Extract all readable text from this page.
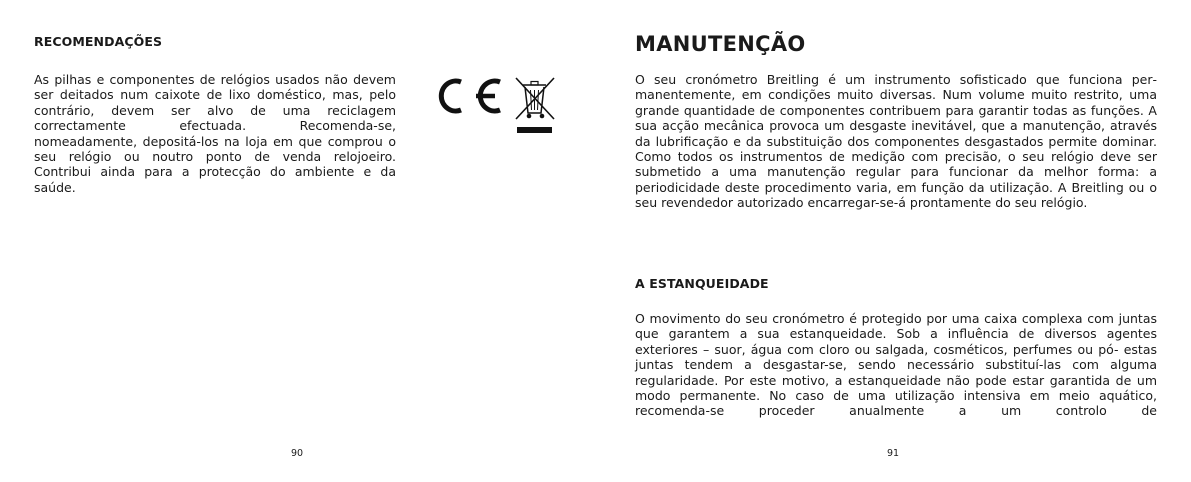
RECOMENDAÇÕES

As pilhas e componentes de relógios usados não devem ser deitados num caixote de lixo doméstico, mas, pelo contrário, devem ser alvo de uma reciclagem correctamente efectuada. Recomenda-se, nomeadamente, depositá-los na loja em que comprou o seu relógio ou noutro ponto de venda relojoeiro. Contribui ainda para a protecção do ambiente e da saúde.

90

MANUTENÇÃO

O seu cronómetro Breitling é um instrumento sofisticado que funciona permanentemente, em condições muito diversas. Num volume muito restrito, uma grande quantidade de componentes contribuem para garantir todas as funções. A sua acção mecânica provoca um desgaste inevitável, que a manutenção, através da lubrificação e da substituição dos componentes desgastados permite dominar. Como todos os instrumentos de medição com precisão, o seu relógio deve ser submetido a uma manutenção regular para funcionar da melhor forma: a periodicidade deste procedimento varia, em função da utilização. A Breitling ou o seu revendedor autorizado encarregar-se-á prontamente do seu relógio.

A ESTANQUEIDADE

O movimento do seu cronómetro é protegido por uma caixa complexa com juntas que garantem a sua estanqueidade. Sob a influência de diversos agentes exteriores – suor, água com cloro ou salgada, cosméticos, perfumes ou pó- estas juntas tendem a desgastar-se, sendo necessário substituí-las com alguma regularidade. Por este motivo, a estanqueidade não pode estar garantida de um modo permanente. No caso de uma utilização intensiva em meio aquático, recomenda-se proceder anualmente a um controlo de

91
